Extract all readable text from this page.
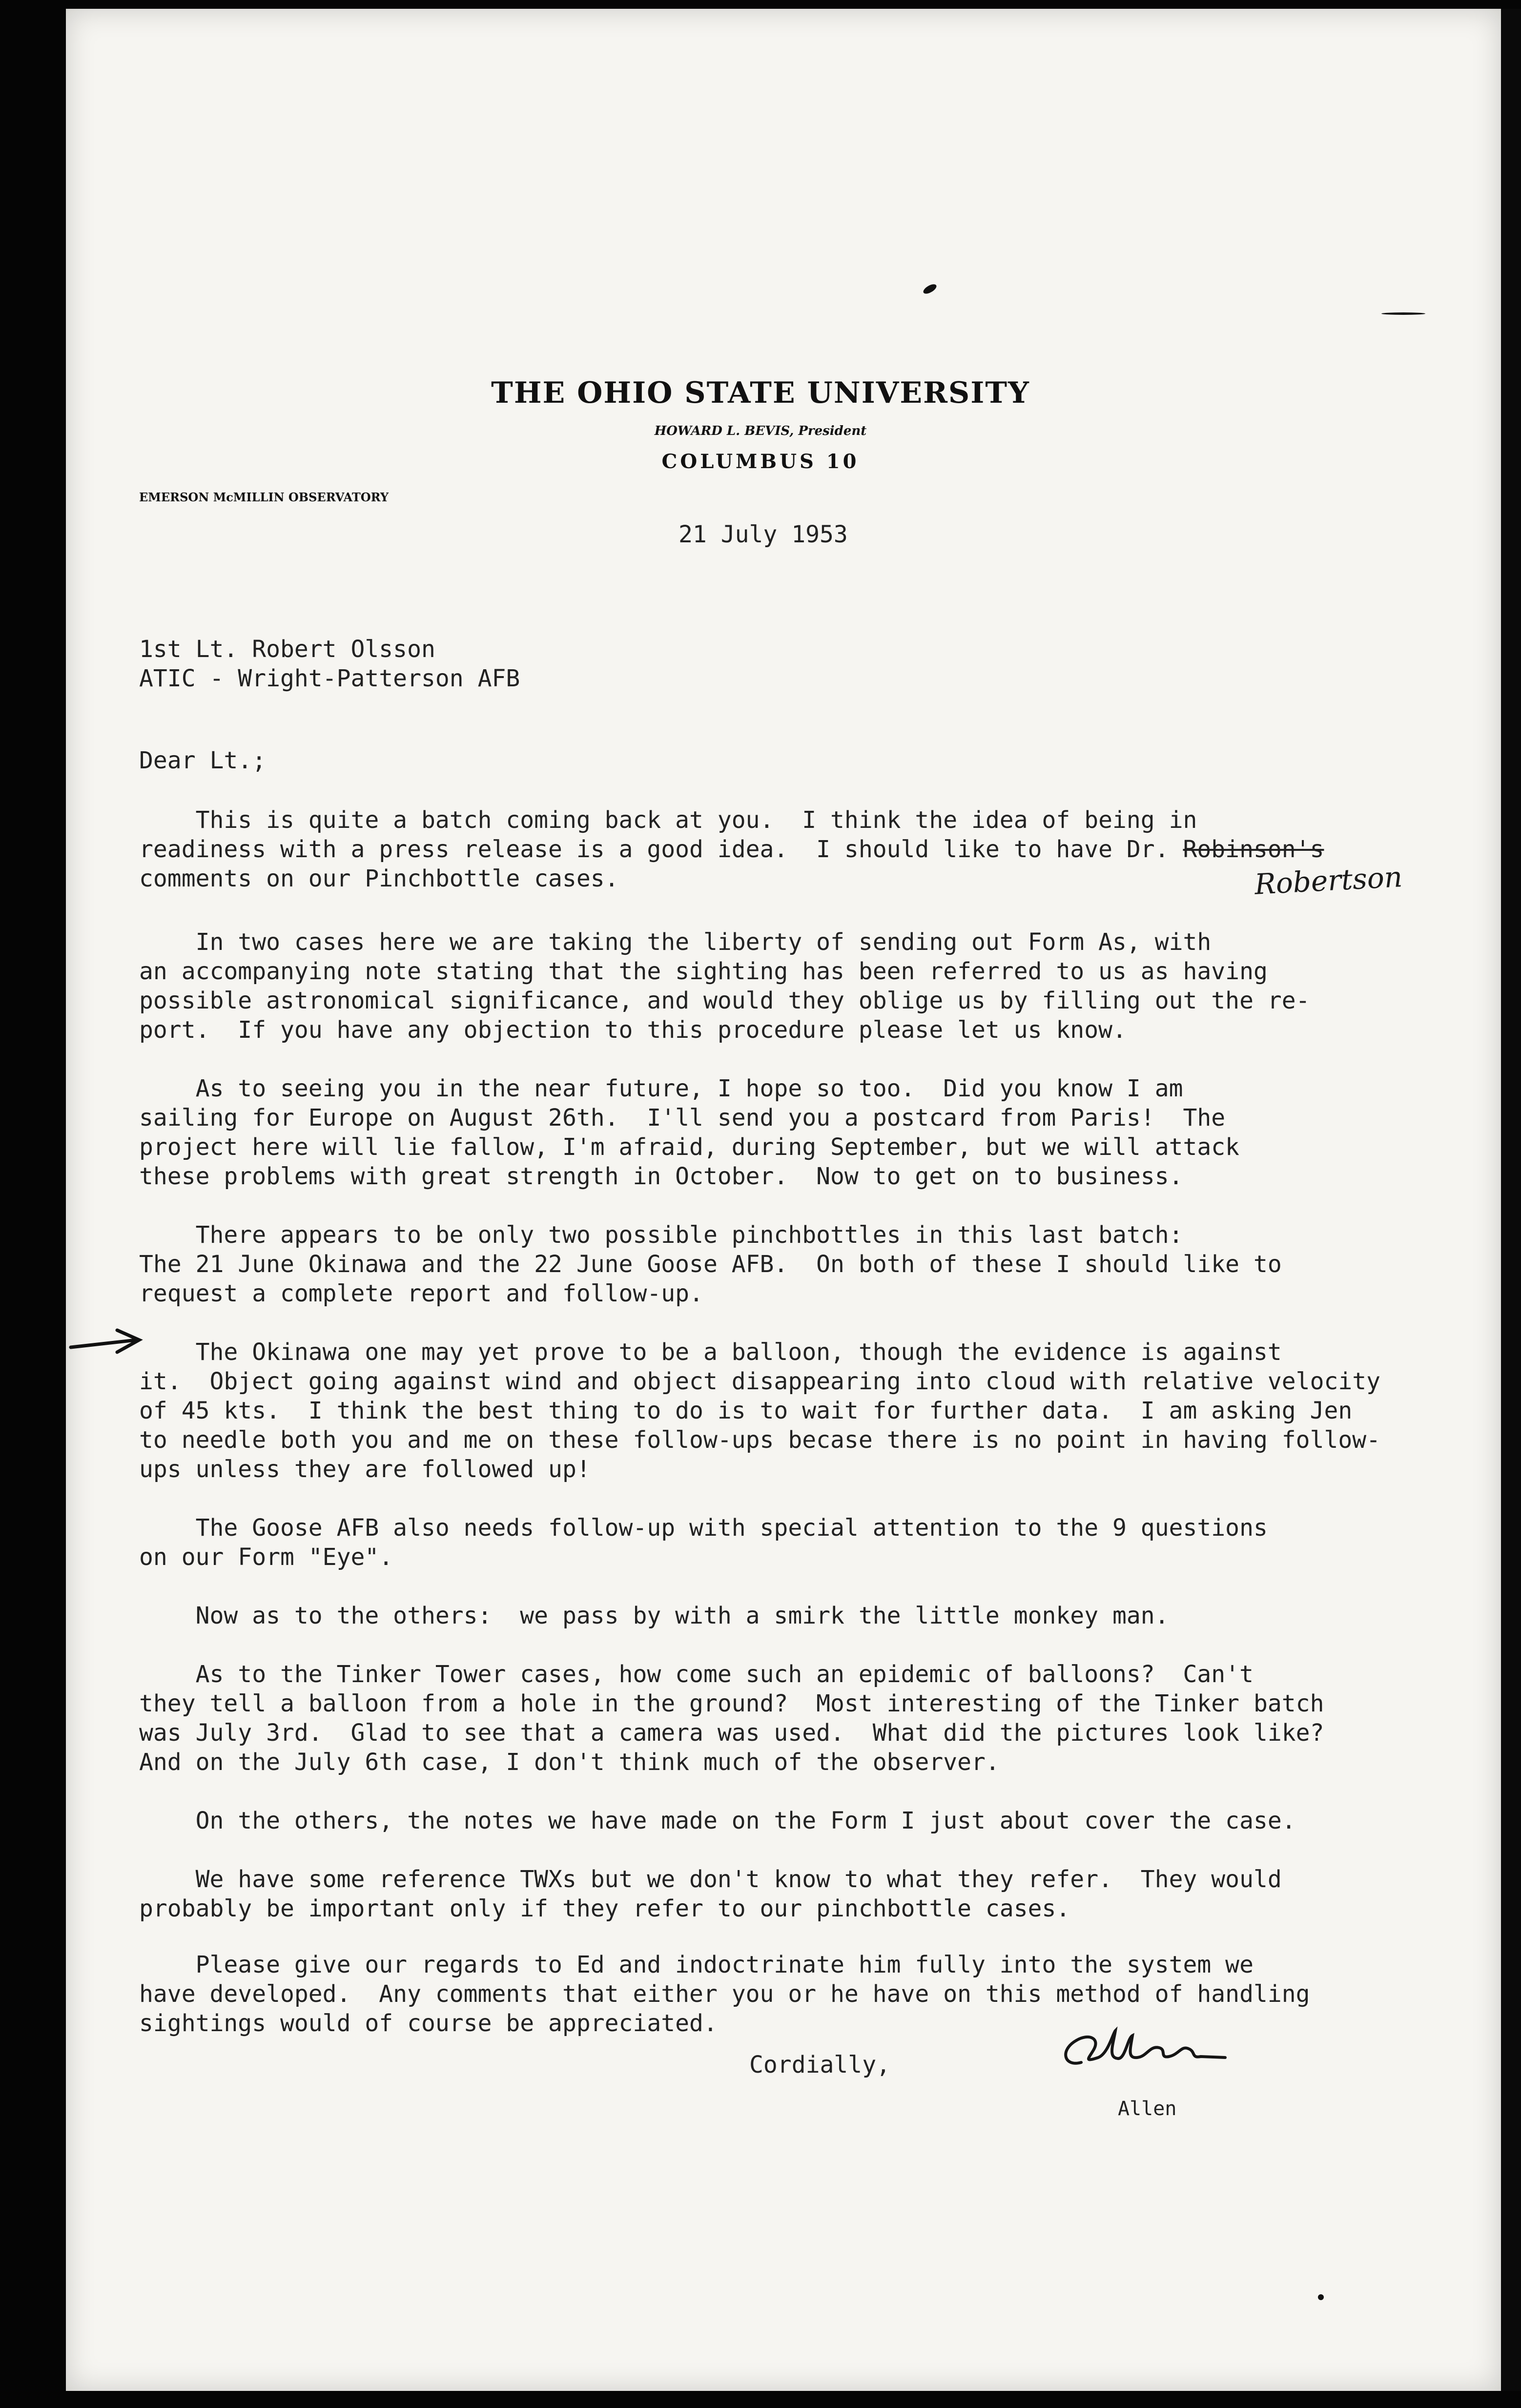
THE OHIO STATE UNIVERSITY
HOWARD L. BEVIS, President
COLUMBUS 10
EMERSON McMILLIN OBSERVATORY
21 July 1953
1st Lt. Robert Olsson
ATIC - Wright-Patterson AFB
Dear Lt.;
This is quite a batch coming back at you.  I think the idea of being in
readiness with a press release is a good idea.  I should like to have Dr. Robinson's
comments on our Pinchbottle cases.	Robertson
In two cases here we are taking the liberty of sending out Form As, with
an accompanying note stating that the sighting has been referred to us as having
possible astronomical significance, and would they oblige us by filling out the re-
port.  If you have any objection to this procedure please let us know.
As to seeing you in the near future, I hope so too.  Did you know I am
sailing for Europe on August 26th.  I'll send you a postcard from Paris!  The
project here will lie fallow, I'm afraid, during September, but we will attack
these problems with great strength in October.  Now to get on to business.
There appears to be only two possible pinchbottles in this last batch:
The 21 June Okinawa and the 22 June Goose AFB.  On both of these I should like to
request a complete report and follow-up.
The Okinawa one may yet prove to be a balloon, though the evidence is against
it.  Object going against wind and object disappearing into cloud with relative velocity
of 45 kts.  I think the best thing to do is to wait for further data.  I am asking Jen
to needle both you and me on these follow-ups becase there is no point in having follow-
ups unless they are followed up!
The Goose AFB also needs follow-up with special attention to the 9 questions
on our Form "Eye".
Now as to the others:  we pass by with a smirk the little monkey man.
As to the Tinker Tower cases, how come such an epidemic of balloons?  Can't
they tell a balloon from a hole in the ground?  Most interesting of the Tinker batch
was July 3rd.  Glad to see that a camera was used.  What did the pictures look like?
And on the July 6th case, I don't think much of the observer.
On the others, the notes we have made on the Form I just about cover the case.
We have some reference TWXs but we don't know to what they refer.  They would
probably be important only if they refer to our pinchbottle cases.
Please give our regards to Ed and indoctrinate him fully into the system we
have developed.  Any comments that either you or he have on this method of handling
sightings would of course be appreciated.
Cordially,
Allen
